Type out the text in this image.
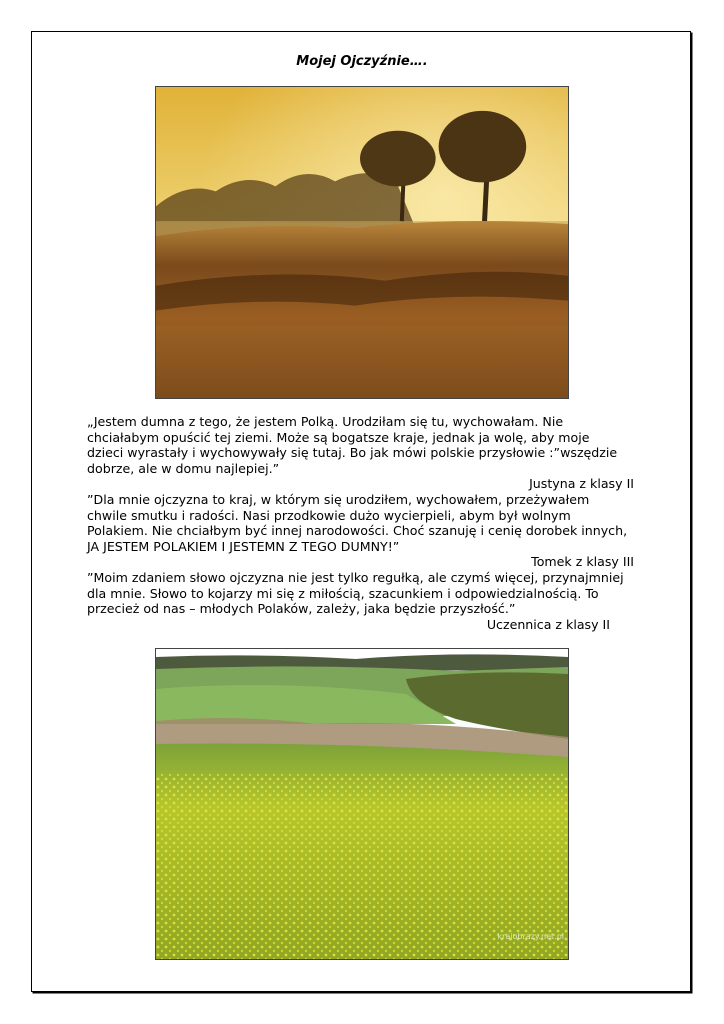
Mojej Ojczyźnie….

„Jestem dumna z tego, że jestem Polką. Urodziłam się tu, wychowałam. Nie

chciałabym opuścić tej ziemi. Może są bogatsze kraje, jednak ja wolę, aby moje

dzieci wyrastały i wychowywały się tutaj. Bo jak mówi polskie przysłowie :”wszędzie

dobrze, ale w domu najlepiej.”

Justyna z klasy II

”Dla mnie ojczyzna to kraj, w którym się urodziłem, wychowałem, przeżywałem

chwile smutku i radości. Nasi przodkowie dużo wycierpieli, abym był wolnym

Polakiem. Nie chciałbym być innej narodowości. Choć szanuję i cenię dorobek innych,

JA JESTEM POLAKIEM I JESTEMN Z TEGO DUMNY!”

Tomek z klasy III

”Moim zdaniem słowo ojczyzna nie jest tylko regułką, ale czymś więcej, przynajmniej

dla mnie. Słowo to kojarzy mi się z miłością, szacunkiem i odpowiedzialnością. To

przecież od nas – młodych Polaków, zależy, jaka będzie przyszłość.”

Uczennica z klasy II

krajobrazy.net.pl
